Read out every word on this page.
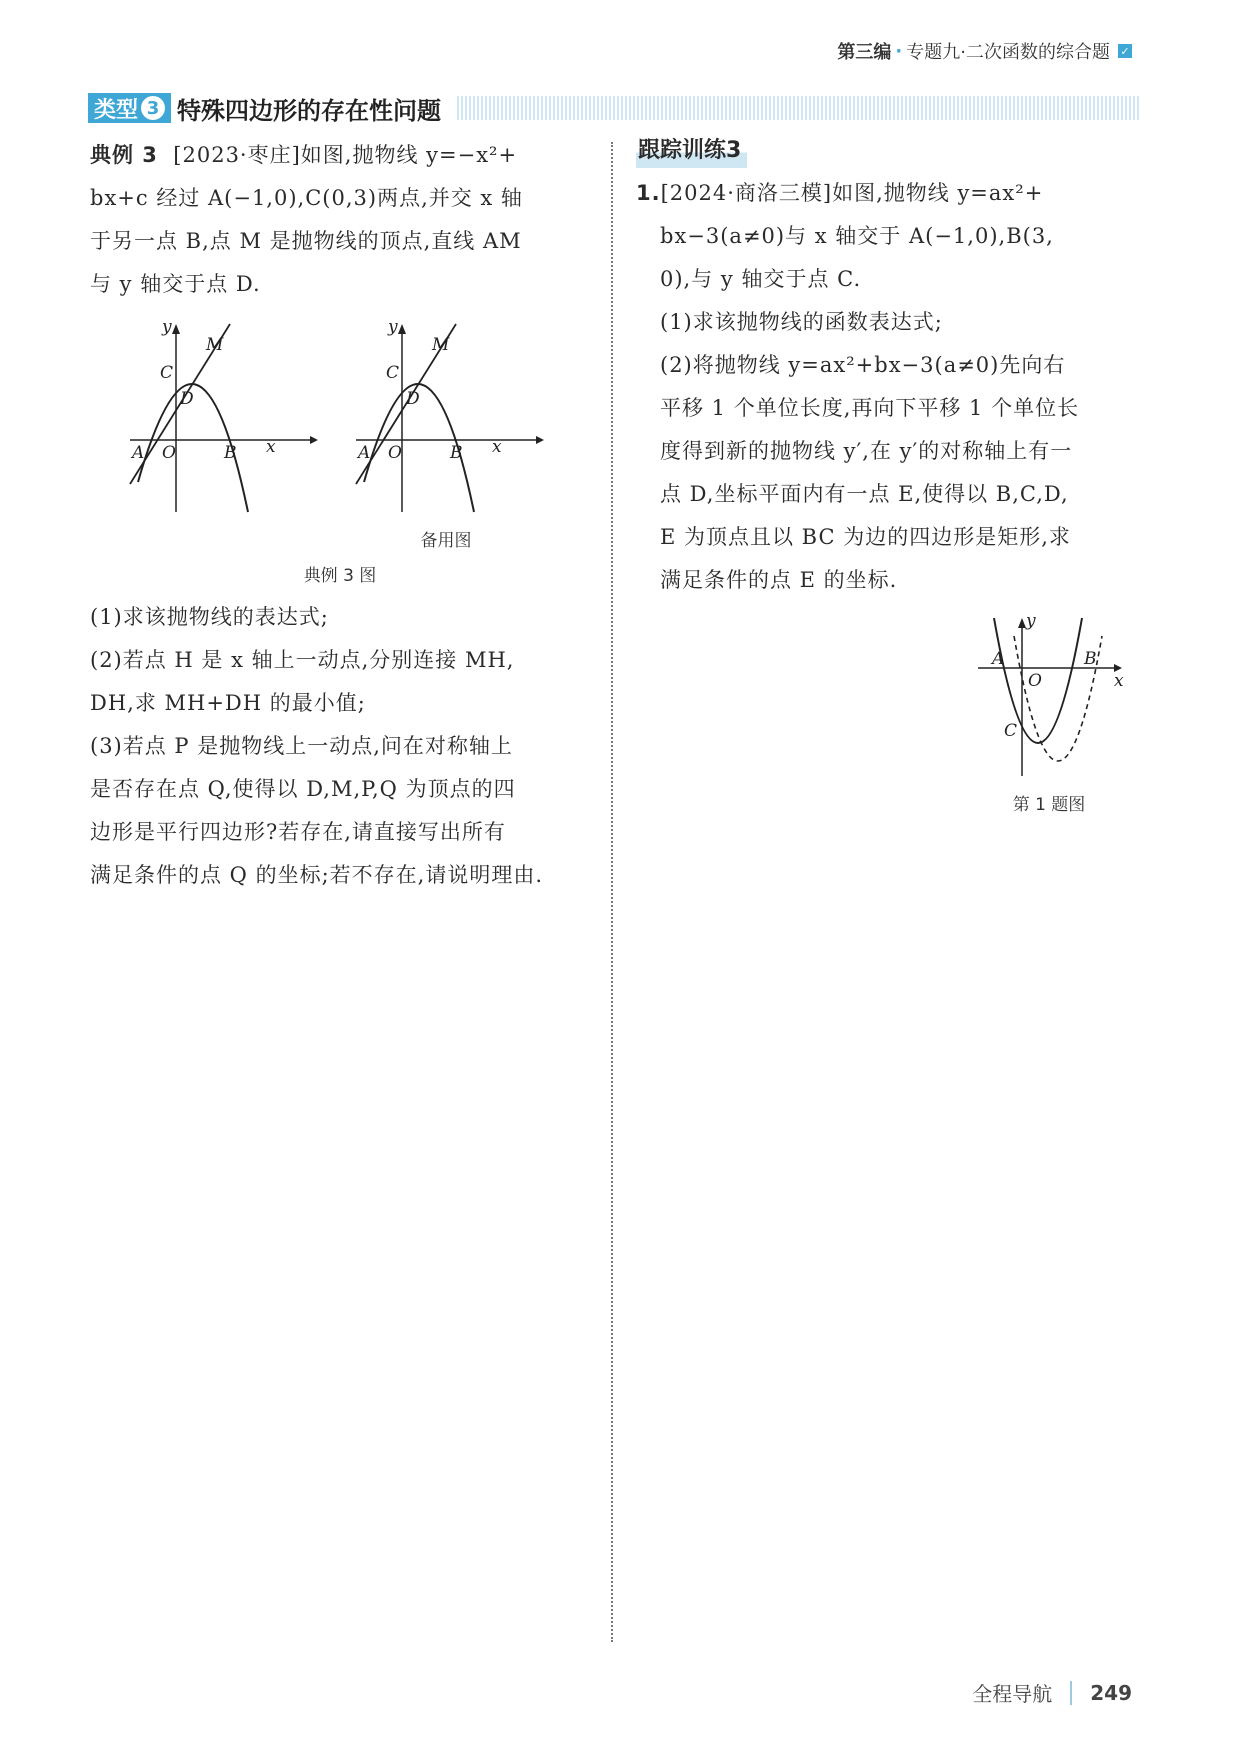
第三编 · 专题九·二次函数的综合题 ✓
类型 3 特殊四边形的存在性问题

典例 3 [2023·枣庄]如图,抛物线 y=−x²+

bx+c 经过 A(−1,0),C(0,3)两点,并交 x 轴

于另一点 B,点 M 是抛物线的顶点,直线 AM

与 y 轴交于点 D.

y
x
M
C
D
A O	B
y
x
M
C
D
A O	B
备用图
典例 3 图

(1)求该抛物线的表达式;

(2)若点 H 是 x 轴上一动点,分别连接 MH,

DH,求 MH+DH 的最小值;

(3)若点 P 是抛物线上一动点,问在对称轴上

是否存在点 Q,使得以 D,M,P,Q 为顶点的四

边形是平行四边形?若存在,请直接写出所有

满足条件的点 Q 的坐标;若不存在,请说明理由.

跟踪训练3

1.[2024·商洛三模]如图,抛物线 y=ax²+

bx−3(a≠0)与 x 轴交于 A(−1,0),B(3,

0),与 y 轴交于点 C.

(1)求该抛物线的函数表达式;

(2)将抛物线 y=ax²+bx−3(a≠0)先向右

平移 1 个单位长度,再向下平移 1 个单位长

度得到新的抛物线 y′,在 y′的对称轴上有一

点 D,坐标平面内有一点 E,使得以 B,C,D,

E 为顶点且以 BC 为边的四边形是矩形,求

满足条件的点 E 的坐标.

y
x
A	B
O
C
第 1 题图
全程导航 249
